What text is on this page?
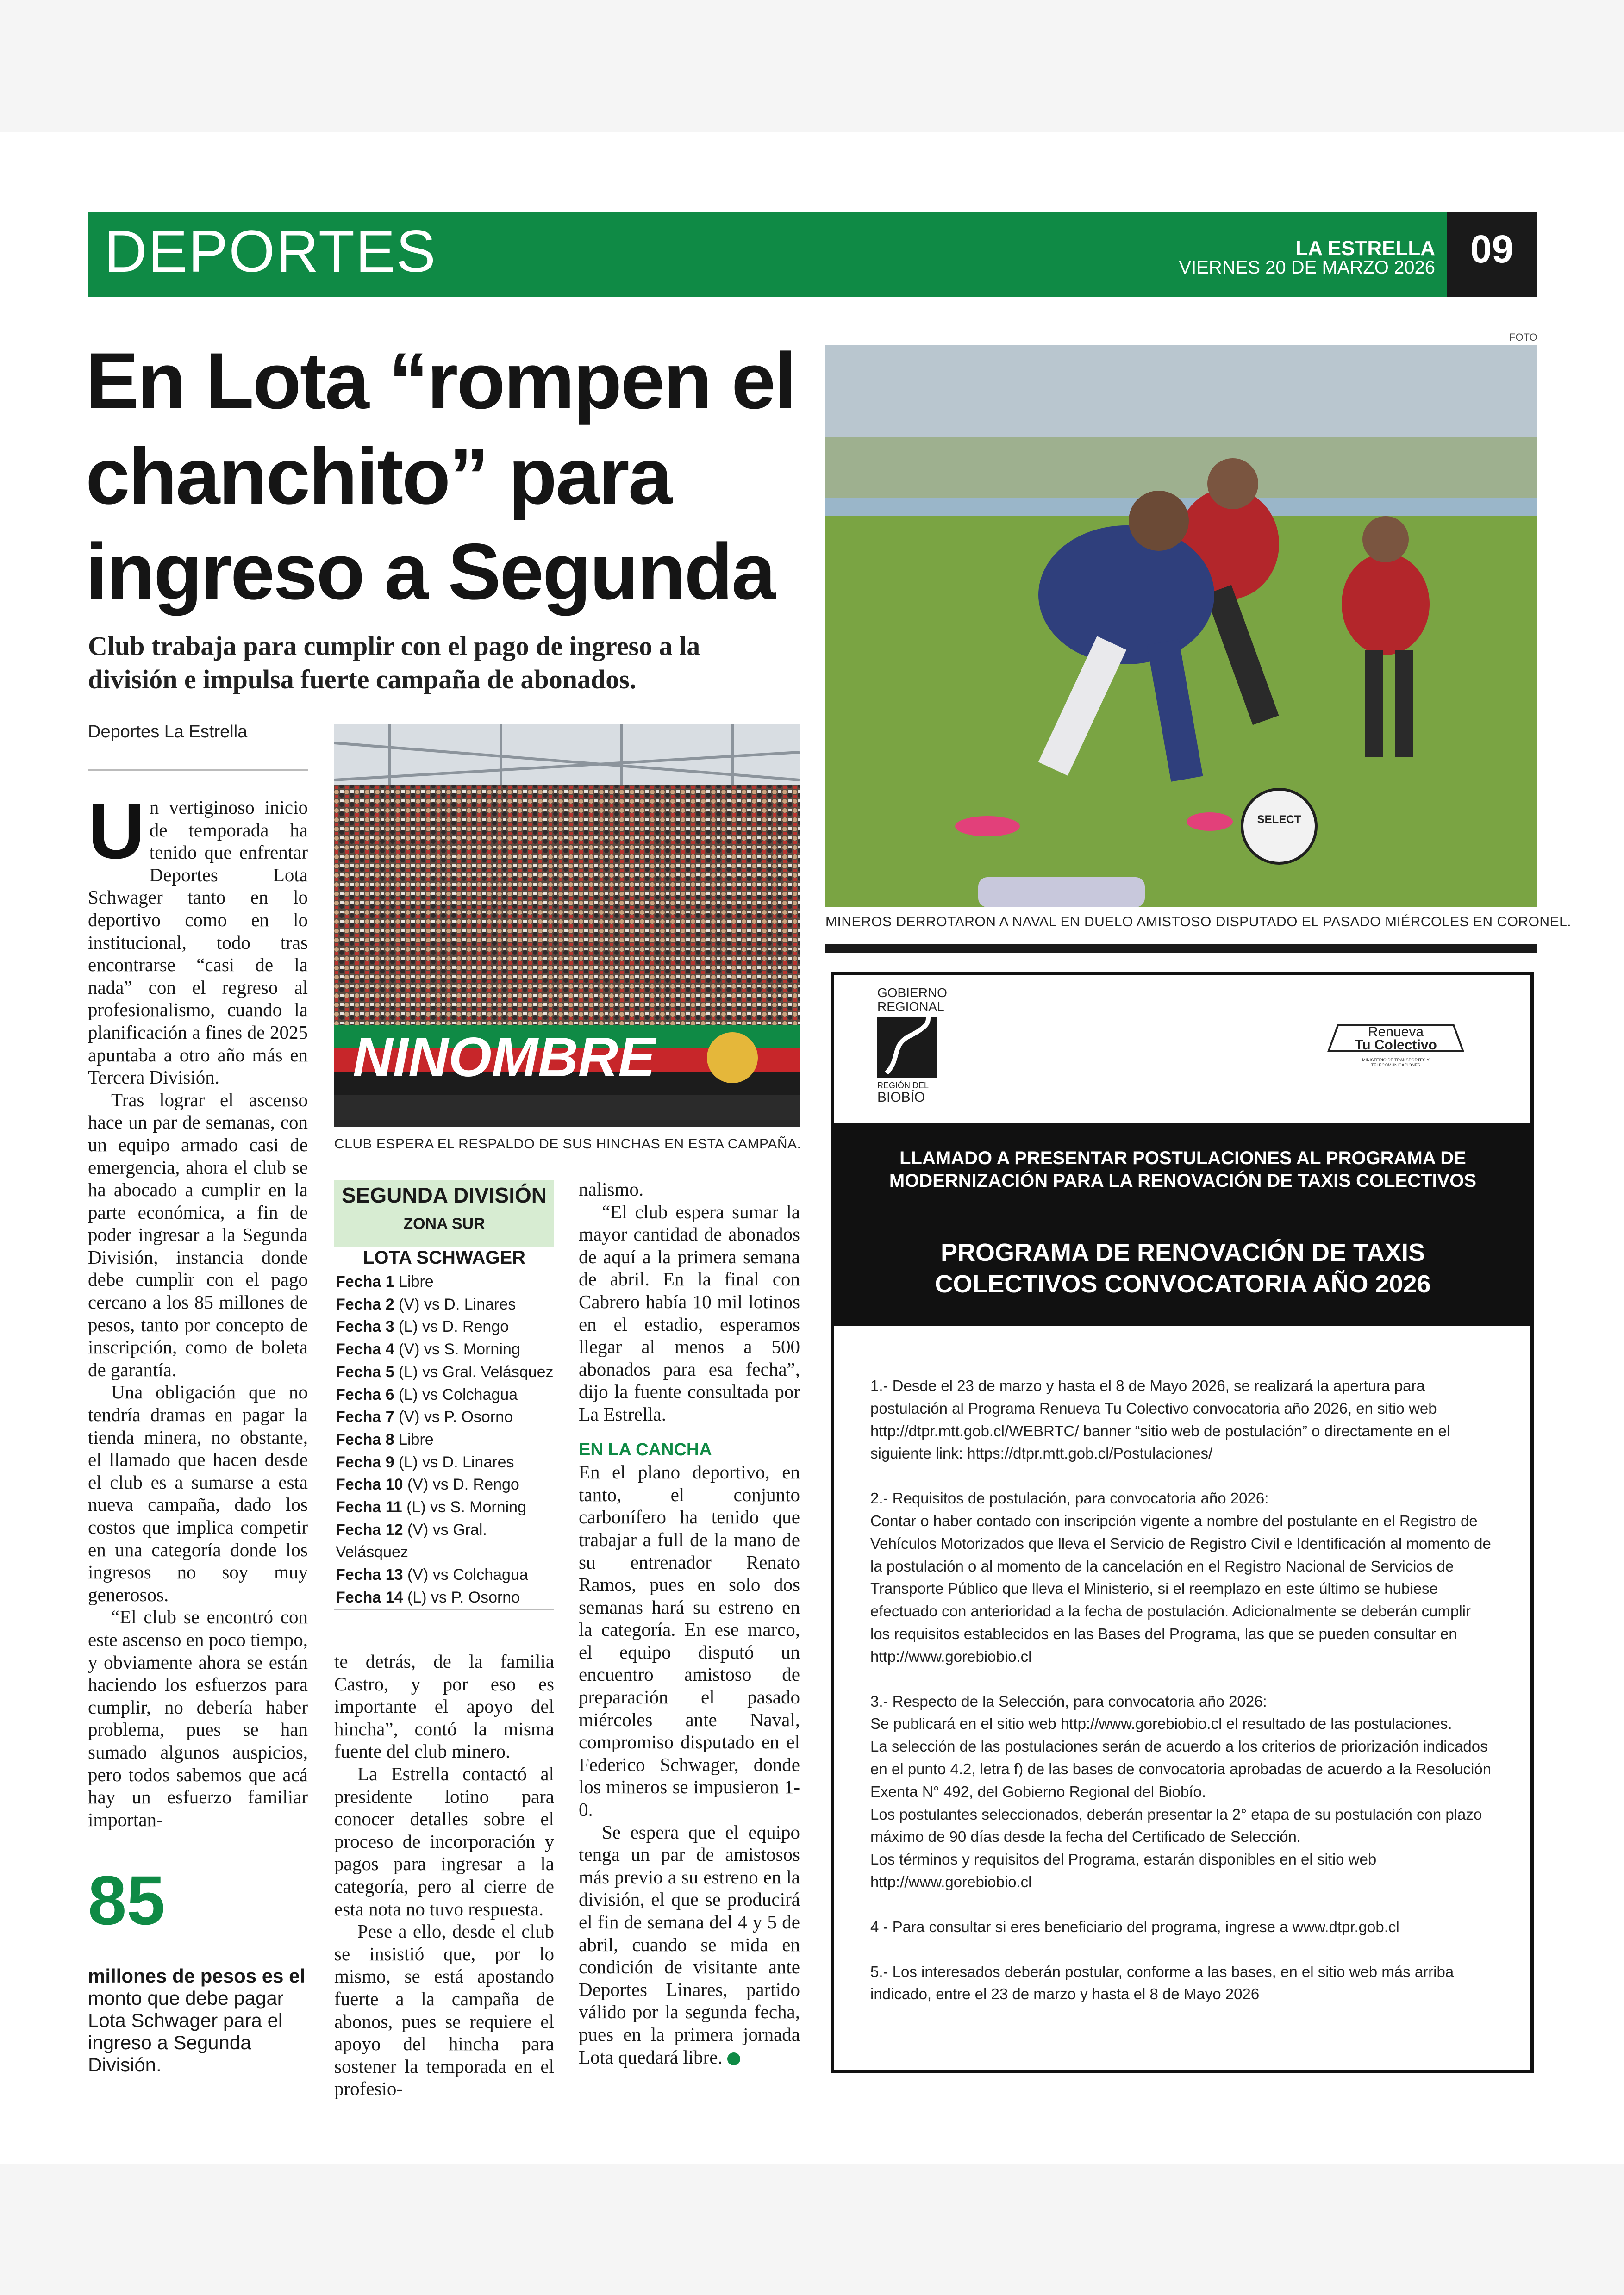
DEPORTES	LA ESTRELLA
VIERNES 20 DE MARZO 2026 09
En Lota “rompen el chanchito” para ingreso a Segunda
Club trabaja para cumplir con el pago de ingreso a la división e impulsa fuerte campaña de abonados.
Deportes La Estrella

Un vertiginoso inicio de temporada ha tenido que enfrentar Deportes Lota Schwager tanto en lo deportivo como en lo institucional, todo tras encontrarse “casi de la nada” con el regreso al profesionalismo, cuando la planificación a fines de 2025 apuntaba a otro año más en Tercera División.

Tras lograr el ascenso hace un par de semanas, con un equipo armado casi de emergencia, ahora el club se ha abocado a cumplir en la parte económica, a fin de poder ingresar a la Segunda División, instancia donde debe cumplir con el pago cercano a los 85 millones de pesos, tanto por concepto de inscripción, como de boleta de garantía.

Una obligación que no tendría dramas en pagar la tienda minera, no obstante, el llamado que hacen desde el club es a sumarse a esta nueva campaña, dado los costos que implica competir en una categoría donde los ingresos no soy muy generosos.

“El club se encontró con este ascenso en poco tiempo, y obviamente ahora se están haciendo los esfuerzos para cumplir, no debería haber problema, pues se han sumado algunos auspicios, pero todos sabemos que acá hay un esfuerzo familiar importan-

85
millones de pesos es el monto que debe pagar Lota Schwager para el ingreso a Segunda División.
NINOMBRE
CLUB ESPERA EL RESPALDO DE SUS HINCHAS EN ESTA CAMPAÑA.
SEGUNDA DIVISIÓN
ZONA SUR
LOTA SCHWAGER
Fecha 1 Libre
Fecha 2 (V) vs D. Linares
Fecha 3 (L) vs D. Rengo
Fecha 4 (V) vs S. Morning
Fecha 5 (L) vs Gral. Velásquez
Fecha 6 (L) vs Colchagua
Fecha 7 (V) vs P. Osorno
Fecha 8 Libre
Fecha 9 (L) vs D. Linares
Fecha 10 (V) vs D. Rengo
Fecha 11 (L) vs S. Morning
Fecha 12 (V) vs Gral. Velásquez
Fecha 13 (V) vs Colchagua
Fecha 14 (L) vs P. Osorno

te detrás, de la familia Castro, y por eso es importante el apoyo del hincha”, contó la misma fuente del club minero.

La Estrella contactó al presidente lotino para conocer detalles sobre el proceso de incorporación y pagos para ingresar a la categoría, pero al cierre de esta nota no tuvo respuesta.

Pese a ello, desde el club se insistió que, por lo mismo, se está apostando fuerte a la campaña de abonos, pues se requiere el apoyo del hincha para sostener la temporada en el profesio-

nalismo.

“El club espera sumar la mayor cantidad de abonados de aquí a la primera semana de abril. En la final con Cabrero había 10 mil lotinos en el estadio, esperamos llegar al menos a 500 abonados para esa fecha”, dijo la fuente consultada por La Estrella.

EN LA CANCHA

En el plano deportivo, en tanto, el conjunto carbonífero ha tenido que trabajar a full de la mano de su entrenador Renato Ramos, pues en solo dos semanas hará su estreno en la categoría. En ese marco, el equipo disputó un encuentro amistoso de preparación el pasado miércoles ante Naval, compromiso disputado en el Federico Schwager, donde los mineros se impusieron 1-0.

Se espera que el equipo tenga un par de amistosos más previo a su estreno en la división, el que se producirá el fin de semana del 4 y 5 de abril, cuando se mida en condición de visitante ante Deportes Linares, partido válido por la segunda fecha, pues en la primera jornada Lota quedará libre.	✪

FOTO
SELECT
MINEROS DERROTARON A NAVAL EN DUELO AMISTOSO DISPUTADO EL PASADO MIÉRCOLES EN CORONEL.
GOBIERNO
REGIONAL
REGIÓN DEL
BIOBÍO
Renueva
Tu Colectivo
MINISTERIO DE TRANSPORTES Y TELECOMUNICACIONES
LLAMADO A PRESENTAR POSTULACIONES AL PROGRAMA DE MODERNIZACIÓN PARA LA RENOVACIÓN DE TAXIS COLECTIVOS
PROGRAMA DE RENOVACIÓN DE TAXIS COLECTIVOS CONVOCATORIA AÑO 2026

1.- Desde el 23 de marzo y hasta el 8 de Mayo 2026, se realizará la apertura para postulación al Programa Renueva Tu Colectivo convocatoria año 2026, en sitio web http://dtpr.mtt.gob.cl/WEBRTC/ banner “sitio web de postulación” o directamente en el siguiente link: https://dtpr.mtt.gob.cl/Postulaciones/

2.- Requisitos de postulación, para convocatoria año 2026:
Contar o haber contado con inscripción vigente a nombre del postulante en el Registro de Vehículos Motorizados que lleva el Servicio de Registro Civil e Identificación al momento de la postulación o al momento de la cancelación en el Registro Nacional de Servicios de Transporte Público que lleva el Ministerio, si el reemplazo en este último se hubiese efectuado con anterioridad a la fecha de postulación. Adicionalmente se deberán cumplir los requisitos establecidos en las Bases del Programa, las que se pueden consultar en http://www.gorebiobio.cl

3.- Respecto de la Selección, para convocatoria año 2026:
Se publicará en el sitio web http://www.gorebiobio.cl el resultado de las postulaciones.
La selección de las postulaciones serán de acuerdo a los criterios de priorización indicados en el punto 4.2, letra f) de las bases de convocatoria aprobadas de acuerdo a la Resolución Exenta N° 492, del Gobierno Regional del Biobío.
Los postulantes seleccionados, deberán presentar la 2° etapa de su postulación con plazo máximo de 90 días desde la fecha del Certificado de Selección.
Los términos y requisitos del Programa, estarán disponibles en el sitio web http://www.gorebiobio.cl

4 - Para consultar si eres beneficiario del programa, ingrese a www.dtpr.gob.cl

5.- Los interesados deberán postular, conforme a las bases, en el sitio web más arriba indicado, entre el 23 de marzo y hasta el 8 de Mayo 2026
